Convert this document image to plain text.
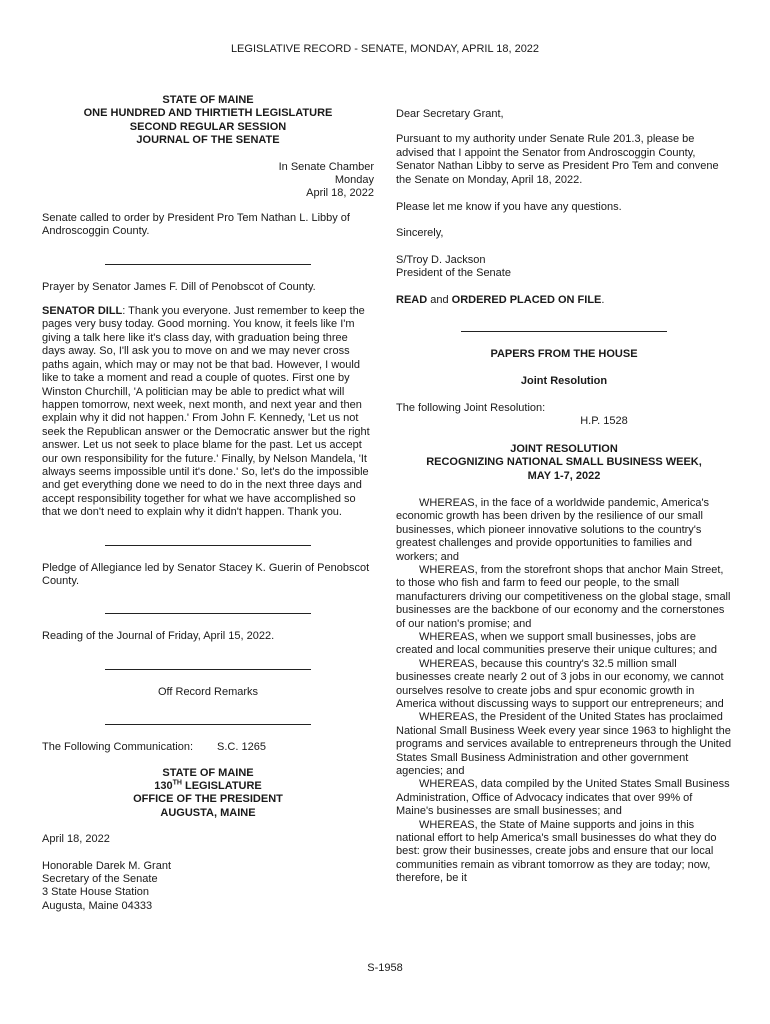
LEGISLATIVE RECORD - SENATE, MONDAY, APRIL 18, 2022

STATE OF MAINE

ONE HUNDRED AND THIRTIETH LEGISLATURE

SECOND REGULAR SESSION

JOURNAL OF THE SENATE

In Senate Chamber

Monday

April 18, 2022

Senate called to order by President Pro Tem Nathan L. Libby of Androscoggin County.

Prayer by Senator James F. Dill of Penobscot of County.

SENATOR DILL: Thank you everyone. Just remember to keep the pages very busy today. Good morning. You know, it feels like I'm giving a talk here like it's class day, with graduation being three days away. So, I'll ask you to move on and we may never cross paths again, which may or may not be that bad. However, I would like to take a moment and read a couple of quotes. First one by Winston Churchill, 'A politician may be able to predict what will happen tomorrow, next week, next month, and next year and then explain why it did not happen.' From John F. Kennedy, 'Let us not seek the Republican answer or the Democratic answer but the right answer. Let us not seek to place blame for the past. Let us accept our own responsibility for the future.' Finally, by Nelson Mandela, 'It always seems impossible until it's done.' So, let's do the impossible and get everything done we need to do in the next three days and accept responsibility together for what we have accomplished so that we don't need to explain why it didn't happen. Thank you.

Pledge of Allegiance led by Senator Stacey K. Guerin of Penobscot County.

Reading of the Journal of Friday, April 15, 2022.

Off Record Remarks

The Following Communication: S.C. 1265

STATE OF MAINE

130TH LEGISLATURE

OFFICE OF THE PRESIDENT

AUGUSTA, MAINE

April 18, 2022

Honorable Darek M. Grant

Secretary of the Senate

3 State House Station

Augusta, Maine 04333

Dear Secretary Grant,

Pursuant to my authority under Senate Rule 201.3, please be advised that I appoint the Senator from Androscoggin County, Senator Nathan Libby to serve as President Pro Tem and convene the Senate on Monday, April 18, 2022.

Please let me know if you have any questions.

Sincerely,

S/Troy D. Jackson

President of the Senate

READ and ORDERED PLACED ON FILE.

PAPERS FROM THE HOUSE

Joint Resolution

The following Joint Resolution:

H.P. 1528

JOINT RESOLUTION

RECOGNIZING NATIONAL SMALL BUSINESS WEEK,

MAY 1-7, 2022

WHEREAS, in the face of a worldwide pandemic, America's economic growth has been driven by the resilience of our small businesses, which pioneer innovative solutions to the country's greatest challenges and provide opportunities to families and workers; and

WHEREAS, from the storefront shops that anchor Main Street, to those who fish and farm to feed our people, to the small manufacturers driving our competitiveness on the global stage, small businesses are the backbone of our economy and the cornerstones of our nation's promise; and

WHEREAS, when we support small businesses, jobs are created and local communities preserve their unique cultures; and

WHEREAS, because this country's 32.5 million small businesses create nearly 2 out of 3 jobs in our economy, we cannot ourselves resolve to create jobs and spur economic growth in America without discussing ways to support our entrepreneurs; and

WHEREAS, the President of the United States has proclaimed National Small Business Week every year since 1963 to highlight the programs and services available to entrepreneurs through the United States Small Business Administration and other government agencies; and

WHEREAS, data compiled by the United States Small Business Administration, Office of Advocacy indicates that over 99% of Maine's businesses are small businesses; and

WHEREAS, the State of Maine supports and joins in this national effort to help America's small businesses do what they do best: grow their businesses, create jobs and ensure that our local communities remain as vibrant tomorrow as they are today; now, therefore, be it

S-1958
